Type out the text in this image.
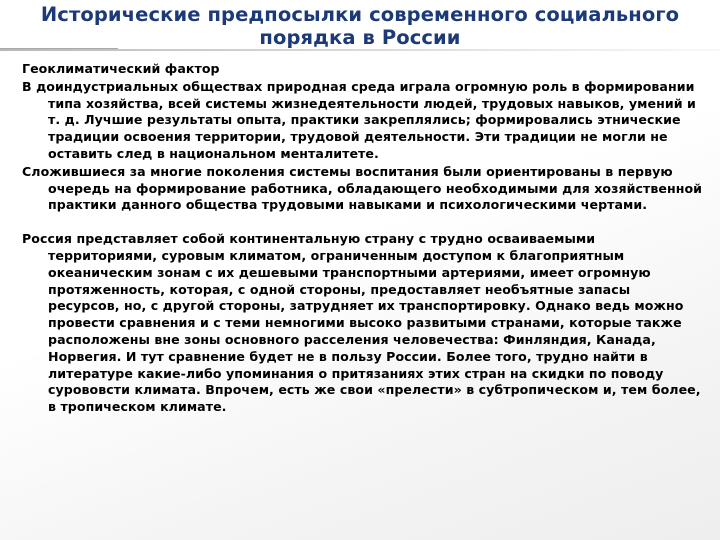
Исторические предпосылки современного социального порядка в России

Геоклиматический фактор

В доиндустриальных обществах природная среда играла огромную роль в формировании типа хозяйства, всей системы жизнедеятельности людей, трудовых навыков, умений и т. д. Лучшие результаты опыта, практики закреплялись; формировались этнические традиции освоения территории, трудовой деятельности. Эти традиции не могли не оставить след в национальном менталитете.

Сложившиеся за многие поколения системы воспитания были ориентированы в первую очередь на формирование работника, обладающего необходимыми для хозяйственной практики данного общества трудовыми навыками и психологическими чертами.

Россия представляет собой континентальную страну с трудно осваиваемыми территориями, суровым климатом, ограниченным доступом к благоприятным океаническим зонам с их дешевыми транспортными артериями, имеет огромную протяженность, которая, с одной стороны, предоставляет необъятные запасы ресурсов, но, с другой стороны, затрудняет их транспортировку. Однако ведь можно провести сравнения и с теми немногими высоко развитыми странами, которые также расположены вне зоны основного расселения человечества: Финляндия, Канада, Норвегия. И тут сравнение будет не в пользу России. Более того, трудно найти в литературе какие-либо упоминания о притязаниях этих стран на скидки по поводу сурововсти климата. Впрочем, есть же свои «прелести» в субтропическом и, тем более, в тропическом климате.
